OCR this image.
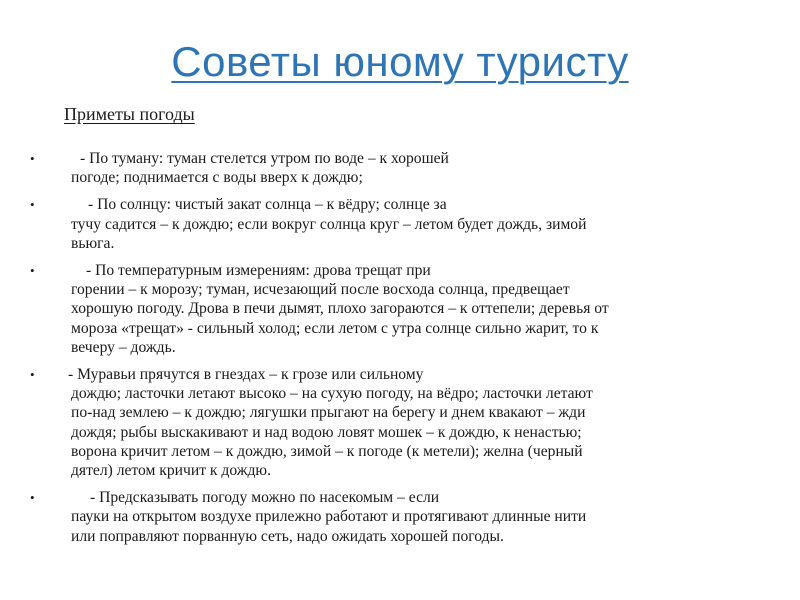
Советы юному туристу
Приметы погоды
•	- По туману: туман стелется утром по воде – к хорошей
погоде; поднимается с воды вверх к дождю;
•	- По солнцу: чистый закат солнца – к вёдру; солнце за
тучу садится – к дождю; если вокруг солнца круг – летом будет дождь, зимой вьюга.
•	- По температурным измерениям: дрова трещат при
горении – к морозу; туман, исчезающий после восхода солнца, предвещает хорошую погоду. Дрова в печи дымят, плохо загораются – к оттепели; деревья от мороза «трещат» - сильный холод; если летом с утра солнце сильно жарит, то к вечеру – дождь.
•	- Муравьи прячутся в гнездах – к грозе или сильному
дождю; ласточки летают высоко – на сухую погоду, на вёдро; ласточки летают по-над землею – к дождю; лягушки прыгают на берегу и днем квакают – жди дождя; рыбы выскакивают и над водою ловят мошек – к дождю, к ненастью; ворона кричит летом – к дождю, зимой – к погоде (к метели); желна (черный дятел) летом кричит к дождю.
•	- Предсказывать погоду можно по насекомым – если
пауки на открытом воздухе прилежно работают и протягивают длинные нити или поправляют порванную сеть, надо ожидать хорошей погоды.
